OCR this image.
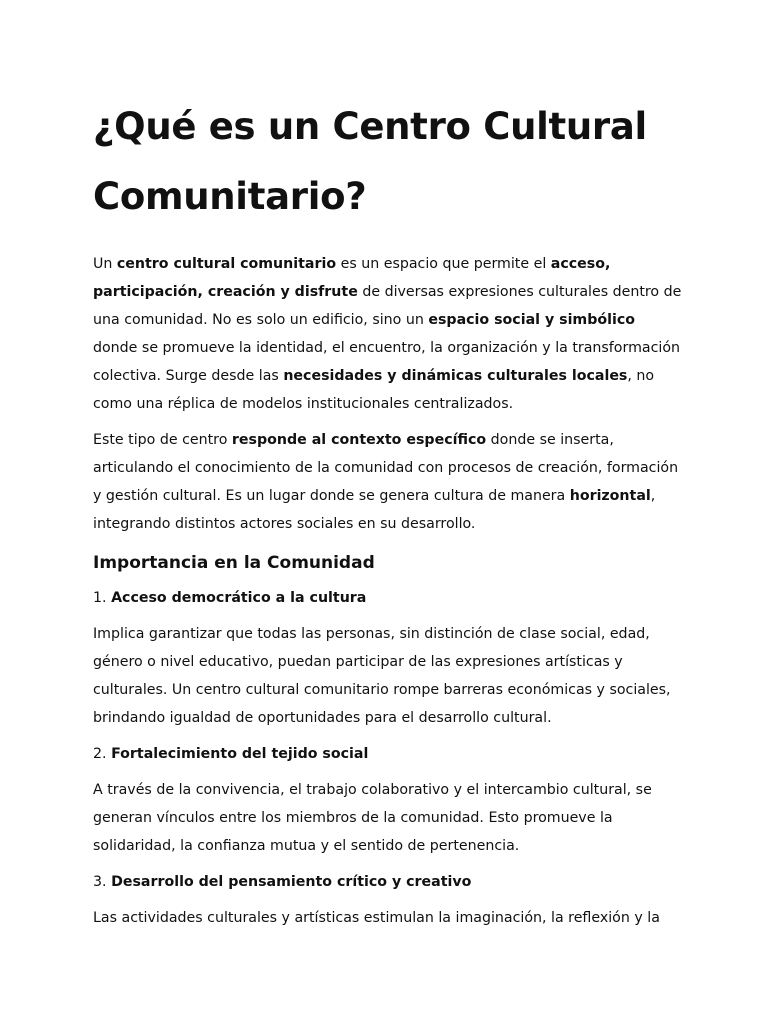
¿Qué es un Centro Cultural Comunitario?

Un centro cultural comunitario es un espacio que permite el acceso, participación, creación y disfrute de diversas expresiones culturales dentro de una comunidad. No es solo un edificio, sino un espacio social y simbólico donde se promueve la identidad, el encuentro, la organización y la transformación colectiva. Surge desde las necesidades y dinámicas culturales locales, no como una réplica de modelos institucionales centralizados.

Este tipo de centro responde al contexto específico donde se inserta, articulando el conocimiento de la comunidad con procesos de creación, formación y gestión cultural. Es un lugar donde se genera cultura de manera horizontal, integrando distintos actores sociales en su desarrollo.

Importancia en la Comunidad

1. Acceso democrático a la cultura

Implica garantizar que todas las personas, sin distinción de clase social, edad, género o nivel educativo, puedan participar de las expresiones artísticas y culturales. Un centro cultural comunitario rompe barreras económicas y sociales, brindando igualdad de oportunidades para el desarrollo cultural.

2. Fortalecimiento del tejido social

A través de la convivencia, el trabajo colaborativo y el intercambio cultural, se generan vínculos entre los miembros de la comunidad. Esto promueve la solidaridad, la confianza mutua y el sentido de pertenencia.

3. Desarrollo del pensamiento crítico y creativo

Las actividades culturales y artísticas estimulan la imaginación, la reflexión y la
